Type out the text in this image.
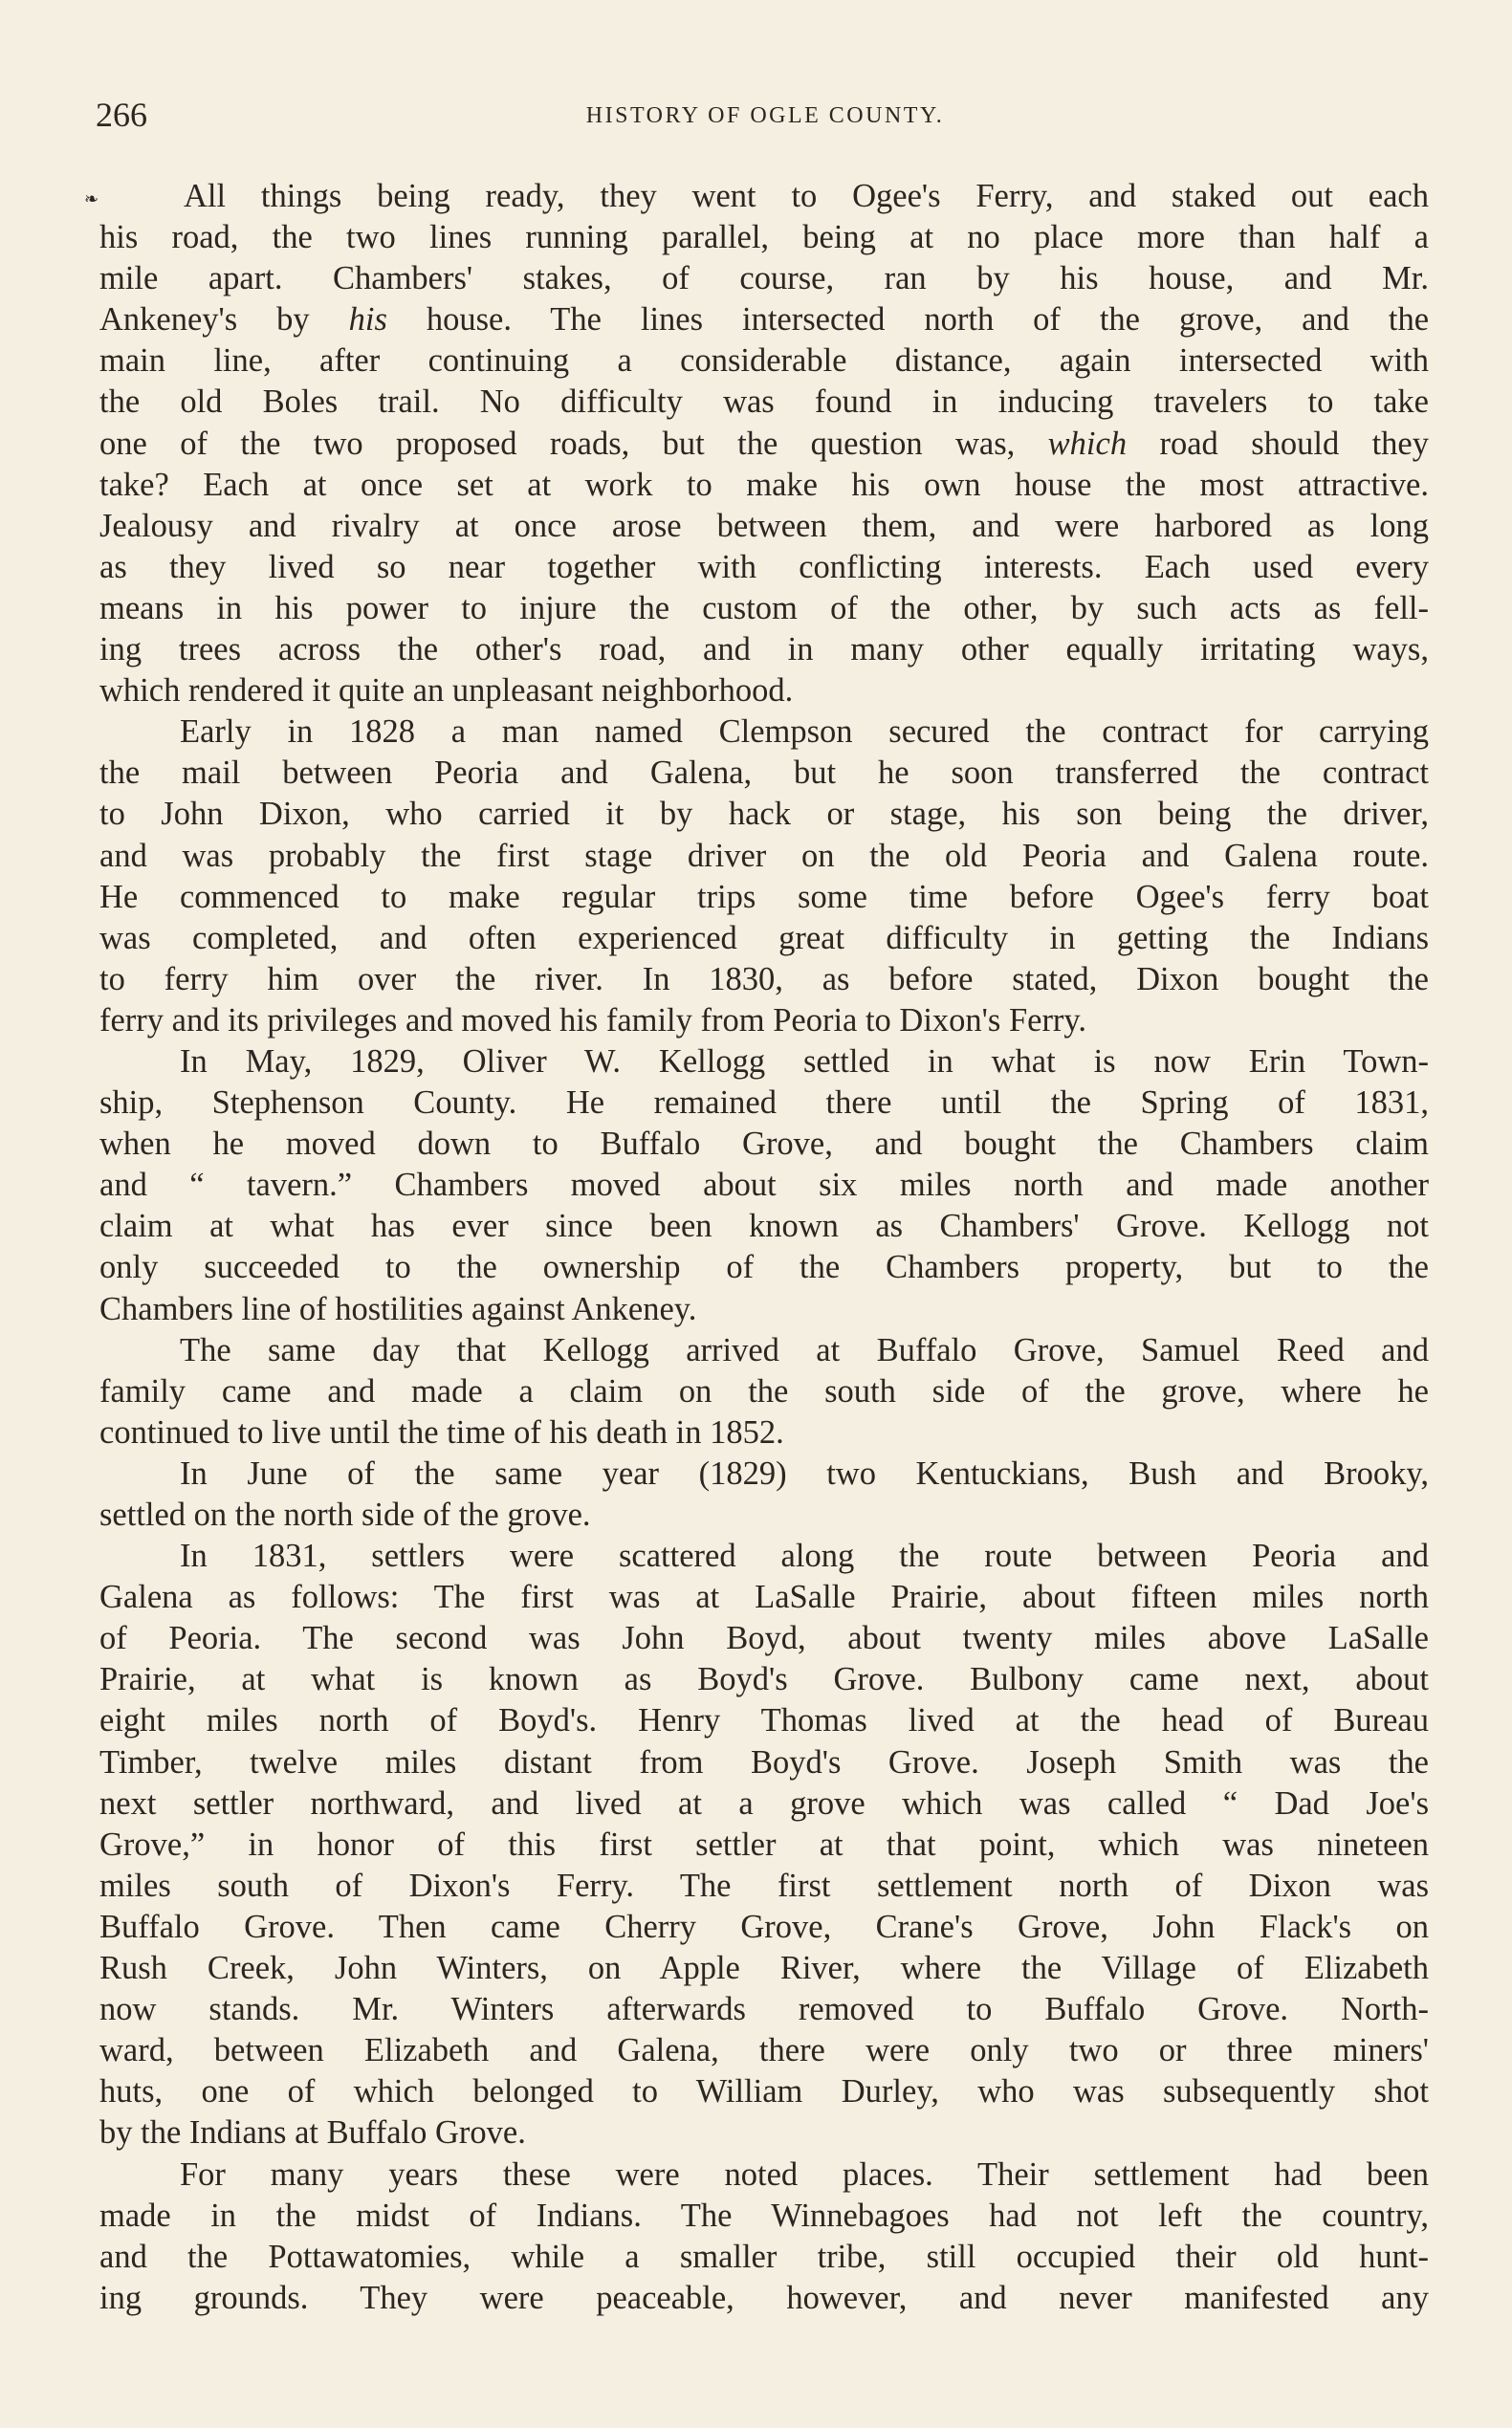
266	HISTORY OF OGLE COUNTY.
❧	All things being ready, they went to Ogee's Ferry, and staked out each
his road, the two lines running parallel, being at no place more than half a
mile apart. Chambers' stakes, of course, ran by his house, and Mr.
Ankeney's by his house. The lines intersected north of the grove, and the
main line, after continuing a considerable distance, again intersected with
the old Boles trail. No difficulty was found in inducing travelers to take
one of the two proposed roads, but the question was, which road should they
take? Each at once set at work to make his own house the most attractive.
Jealousy and rivalry at once arose between them, and were harbored as long
as they lived so near together with conflicting interests. Each used every
means in his power to injure the custom of the other, by such acts as fell-
ing trees across the other's road, and in many other equally irritating ways,
which rendered it quite an unpleasant neighborhood.
Early in 1828 a man named Clempson secured the contract for carrying
the mail between Peoria and Galena, but he soon transferred the contract
to John Dixon, who carried it by hack or stage, his son being the driver,
and was probably the first stage driver on the old Peoria and Galena route.
He commenced to make regular trips some time before Ogee's ferry boat
was completed, and often experienced great difficulty in getting the Indians
to ferry him over the river. In 1830, as before stated, Dixon bought the
ferry and its privileges and moved his family from Peoria to Dixon's Ferry.
In May, 1829, Oliver W. Kellogg settled in what is now Erin Town-
ship, Stephenson County. He remained there until the Spring of 1831,
when he moved down to Buffalo Grove, and bought the Chambers claim
and “ tavern.” Chambers moved about six miles north and made another
claim at what has ever since been known as Chambers' Grove. Kellogg not
only succeeded to the ownership of the Chambers property, but to the
Chambers line of hostilities against Ankeney.
The same day that Kellogg arrived at Buffalo Grove, Samuel Reed and
family came and made a claim on the south side of the grove, where he
continued to live until the time of his death in 1852.
In June of the same year (1829) two Kentuckians, Bush and Brooky,
settled on the north side of the grove.
In 1831, settlers were scattered along the route between Peoria and
Galena as follows: The first was at LaSalle Prairie, about fifteen miles north
of Peoria. The second was John Boyd, about twenty miles above LaSalle
Prairie, at what is known as Boyd's Grove. Bulbony came next, about
eight miles north of Boyd's. Henry Thomas lived at the head of Bureau
Timber, twelve miles distant from Boyd's Grove. Joseph Smith was the
next settler northward, and lived at a grove which was called “ Dad Joe's
Grove,” in honor of this first settler at that point, which was nineteen
miles south of Dixon's Ferry. The first settlement north of Dixon was
Buffalo Grove. Then came Cherry Grove, Crane's Grove, John Flack's on
Rush Creek, John Winters, on Apple River, where the Village of Elizabeth
now stands. Mr. Winters afterwards removed to Buffalo Grove. North-
ward, between Elizabeth and Galena, there were only two or three miners'
huts, one of which belonged to William Durley, who was subsequently shot
by the Indians at Buffalo Grove.
For many years these were noted places. Their settlement had been
made in the midst of Indians. The Winnebagoes had not left the country,
and the Pottawatomies, while a smaller tribe, still occupied their old hunt-
ing grounds. They were peaceable, however, and never manifested any
